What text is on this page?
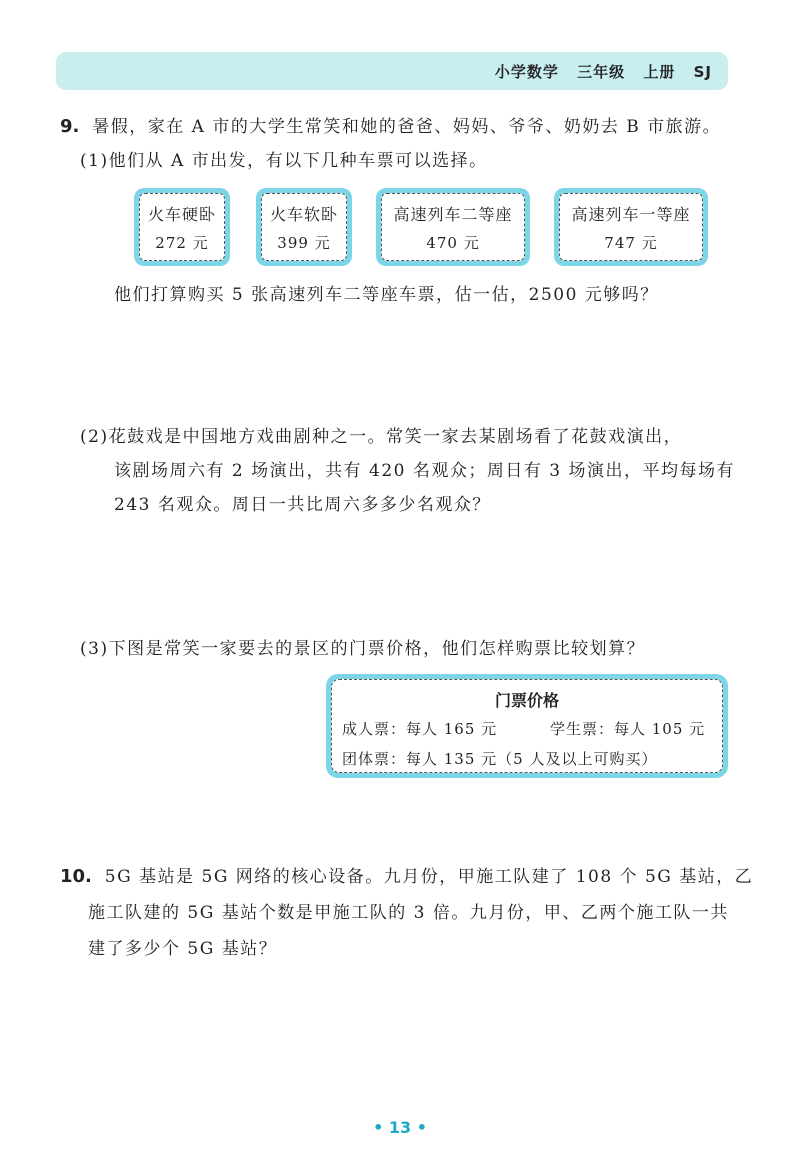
小学数学 三年级 上册 SJ
9. 暑假，家在 A 市的大学生常笑和她的爸爸、妈妈、爷爷、奶奶去 B 市旅游。
(1)他们从 A 市出发，有以下几种车票可以选择。
火车硬卧
272 元
火车软卧
399 元
高速列车二等座
470 元
高速列车一等座
747 元
他们打算购买 5 张高速列车二等座车票，估一估，2500 元够吗？
(2)花鼓戏是中国地方戏曲剧种之一。常笑一家去某剧场看了花鼓戏演出，
该剧场周六有 2 场演出，共有 420 名观众；周日有 3 场演出，平均每场有
243 名观众。周日一共比周六多多少名观众？
(3)下图是常笑一家要去的景区的门票价格，他们怎样购票比较划算？
门票价格
成人票：每人 165 元	学生票：每人 105 元
团体票：每人 135 元（5 人及以上可购买）
10. 5G 基站是 5G 网络的核心设备。九月份，甲施工队建了 108 个 5G 基站，乙
施工队建的 5G 基站个数是甲施工队的 3 倍。九月份，甲、乙两个施工队一共
建了多少个 5G 基站？
• 13 •
